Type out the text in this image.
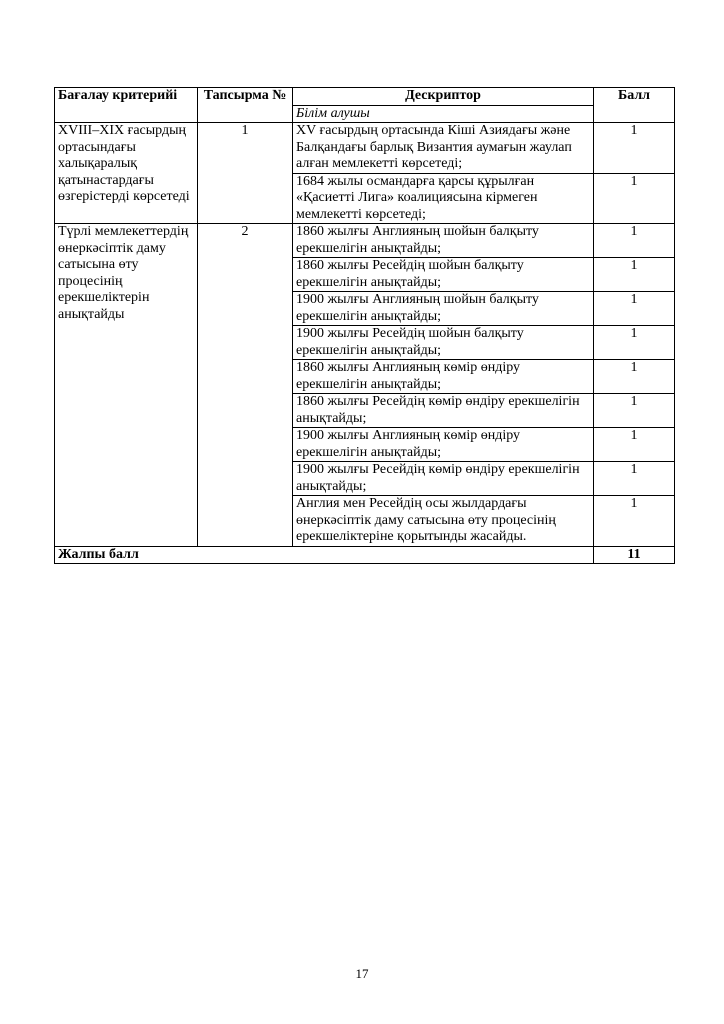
Бағалау критерийі	Тапсырма №	Дескриптор	Балл
		Білім алушы	
XVIII–XIX ғасырдың ортасындағы халықаралық қатынастардағы өзгерістерді көрсетеді	1	XV ғасырдың ортасында Кіші Азиядағы және Балқандағы барлық Византия аумағын жаулап алған мемлекетті көрсетеді;	1
		1684 жылы османдарға қарсы құрылған «Қасиетті Лига» коалициясына кірмеген мемлекетті көрсетеді;	1
Түрлі мемлекеттердің өнеркәсіптік даму сатысына өту процесінің ерекшеліктерін анықтайды	2	1860 жылғы Англияның шойын балқыту ерекшелігін анықтайды;	1
		1860 жылғы Ресейдің шойын балқыту ерекшелігін анықтайды;	1
		1900 жылғы Англияның шойын балқыту ерекшелігін анықтайды;	1
		1900 жылғы Ресейдің шойын балқыту ерекшелігін анықтайды;	1
		1860 жылғы Англияның көмір өндіру ерекшелігін анықтайды;	1
		1860 жылғы Ресейдің көмір өндіру ерекшелігін анықтайды;	1
		1900 жылғы Англияның көмір өндіру ерекшелігін анықтайды;	1
		1900 жылғы Ресейдің көмір өндіру ерекшелігін анықтайды;	1
		Англия мен Ресейдің осы жылдардағы өнеркәсіптік даму сатысына өту процесінің ерекшеліктеріне қорытынды жасайды.	1
Жалпы балл			11
17
